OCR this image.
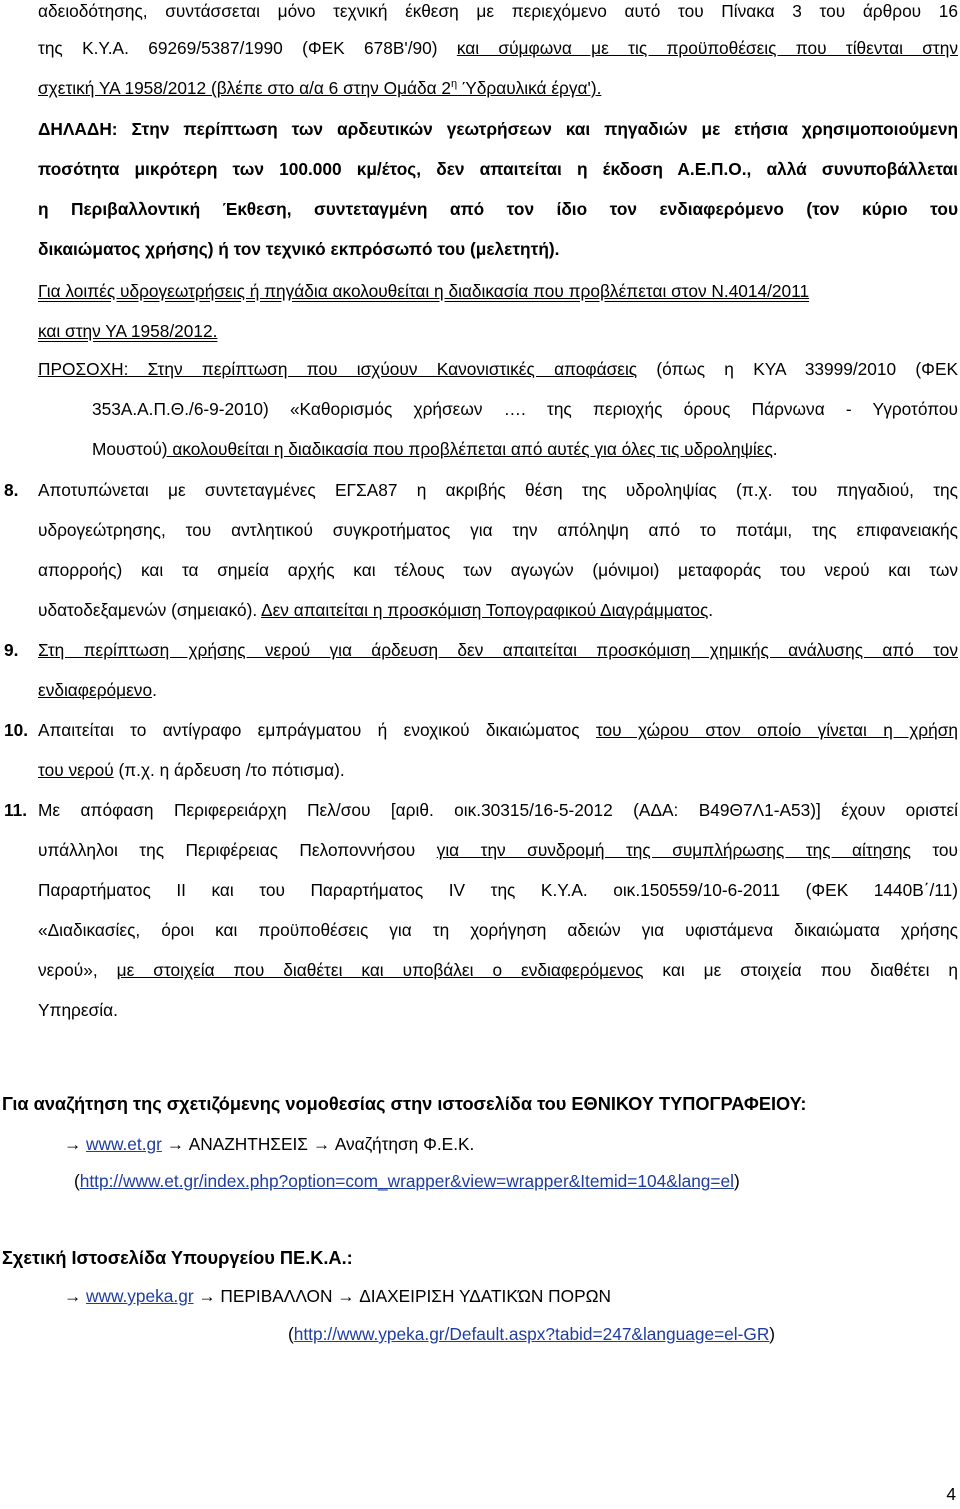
αδειοδότησης, συντάσσεται μόνο τεχνική έκθεση με περιεχόμενο αυτό του Πίνακα 3 του άρθρου 16
της Κ.Υ.Α. 69269/5387/1990 (ΦΕΚ 678Β'/90) και σύμφωνα με τις προϋποθέσεις που τίθενται στην
σχετική ΥΑ 1958/2012 (βλέπε στο α/α 6 στην Ομάδα $2^\eta$ Ύδραυλικά έργα').
ΔΗΛΑΔΗ: Στην περίπτωση των αρδευτικών γεωτρήσεων και πηγαδιών με ετήσια χρησιμοποιούμενη
ποσότητα μικρότερη των 100.000 κμ/έτος, δεν απαιτείται η έκδοση Α.Ε.Π.Ο., αλλά συνυποβάλλεται
η Περιβαλλοντική Έκθεση, συντεταγμένη από τον ίδιο τον ενδιαφερόμενο (τον κύριο του
δικαιώματος χρήσης) ή τον τεχνικό εκπρόσωπό του (μελετητή).
Για λοιπές υδρογεωτρήσεις ή πηγάδια ακολουθείται η διαδικασία που προβλέπεται στον Ν.4014/2011
και στην ΥΑ 1958/2012.
ΠΡΟΣΟΧΗ: Στην περίπτωση που ισχύουν Κανονιστικές αποφάσεις (όπως η ΚΥΑ 33999/2010 (ΦΕΚ
353Α.Α.Π.Θ./6-9-2010) «Καθορισμός χρήσεων …. της περιοχής όρους Πάρνωνα - Υγροτόπου
Μουστού) ακολουθείται η διαδικασία που προβλέπεται από αυτές για όλες τις υδροληψίες.
8.	Αποτυπώνεται με συντεταγμένες ΕΓΣΑ87 η ακριβής θέση της υδροληψίας (π.χ. του πηγαδιού, της
υδρογεώτρησης, του αντλητικού συγκροτήματος για την απόληψη από το ποτάμι, της επιφανειακής
απορροής) και τα σημεία αρχής και τέλους των αγωγών (μόνιμοι) μεταφοράς του νερού και των
υδατοδεξαμενών (σημειακό). Δεν απαιτείται η προσκόμιση Τοπογραφικού Διαγράμματος.
9.	Στη περίπτωση χρήσης νερού για άρδευση δεν απαιτείται προσκόμιση χημικής ανάλυσης από τον
ενδιαφερόμενο.
10. Απαιτείται το αντίγραφο εμπράγματου ή ενοχικού δικαιώματος του χώρου στον οποίο γίνεται η χρήση
του νερού (π.χ. η άρδευση /το πότισμα).
11. Με απόφαση Περιφερειάρχη Πελ/σου [αριθ. οικ.30315/16-5-2012 (ΑΔΑ: Β49Θ7Λ1-Α53)] έχουν οριστεί
υπάλληλοι της Περιφέρειας Πελοποννήσου για την συνδρομή της συμπλήρωσης της αίτησης του
Παραρτήματος ΙΙ και του Παραρτήματος ΙV της Κ.Υ.Α. οικ.150559/10-6-2011 (ΦΕΚ 1440Β΄/11)
«Διαδικασίες, όροι και προϋποθέσεις για τη χορήγηση αδειών για υφιστάμενα δικαιώματα χρήσης
νερού», με στοιχεία που διαθέτει και υποβάλει ο ενδιαφερόμενος και με στοιχεία που διαθέτει η
Υπηρεσία.
Για αναζήτηση της σχετιζόμενης νομοθεσίας στην ιστοσελίδα του ΕΘΝΙΚΟΥ ΤΥΠΟΓΡΑΦΕΙΟΥ:
→ www.et.gr → ΑΝΑΖΗΤΗΣΕΙΣ → Αναζήτηση Φ.Ε.Κ.
(http://www.et.gr/index.php?option=com_wrapper&view=wrapper&Itemid=104&lang=el)
Σχετική Ιστοσελίδα Υπουργείου ΠΕ.Κ.Α.:
→ www.ypeka.gr → ΠΕΡΙΒΑΛΛΟΝ → ΔΙΑΧΕΙΡΙΣΗ ΥΔΑΤΙΚΏΝ ΠΟΡΩΝ
(http://www.ypeka.gr/Default.aspx?tabid=247&language=el-GR)
4
